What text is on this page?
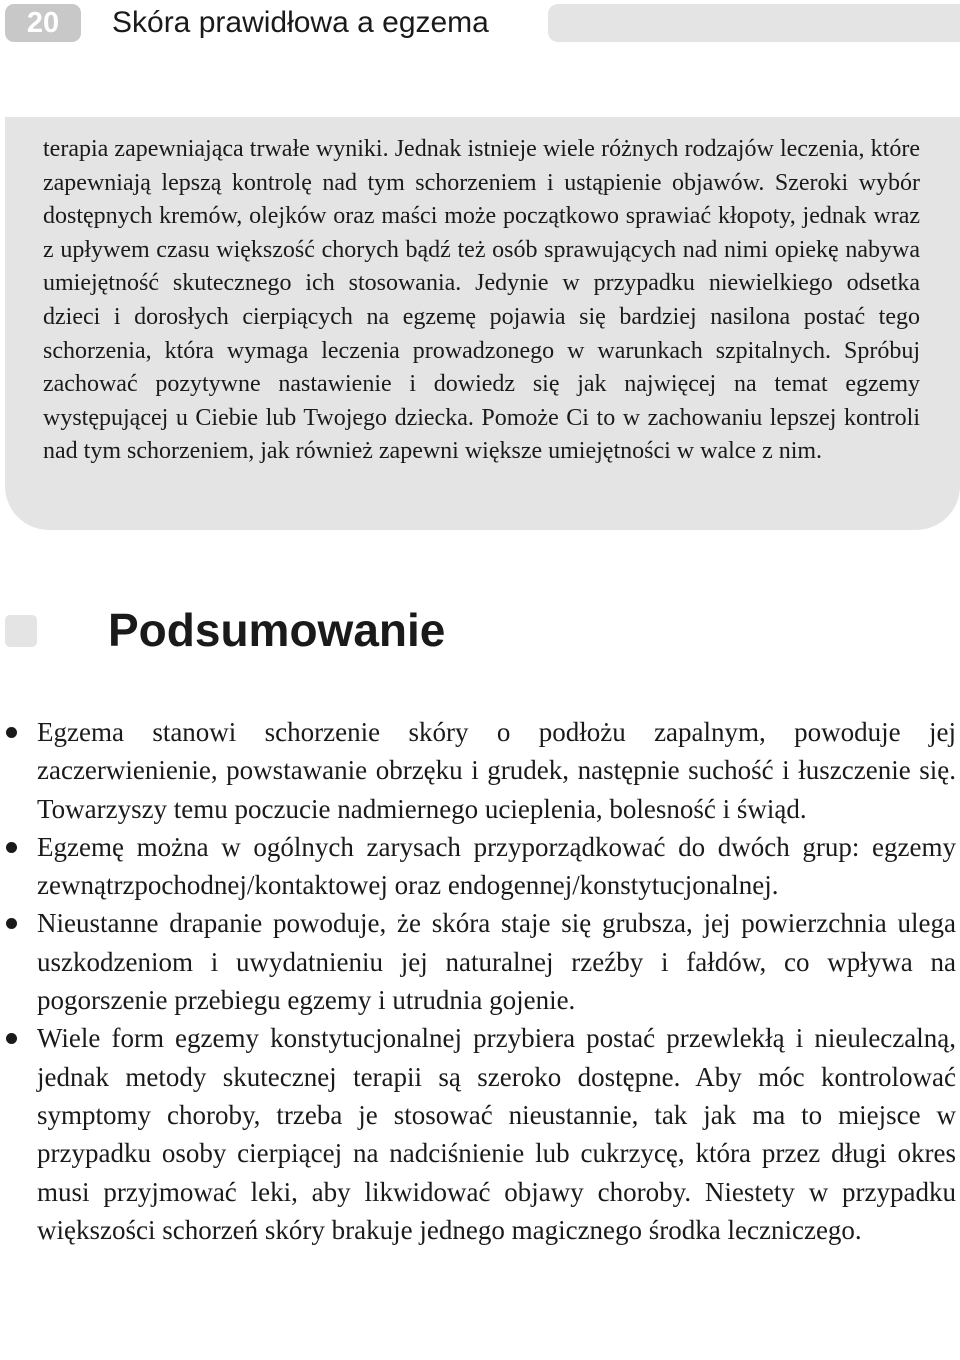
20	Skóra prawidłowa a egzema

terapia zapewniająca trwałe wyniki. Jednak istnieje wiele różnych rodzajów leczenia, które zapewniają lepszą kontrolę nad tym schorzeniem i ustąpienie objawów. Szeroki wybór dostępnych kremów, olejków oraz maści może początkowo sprawiać kłopoty, jednak wraz z upływem czasu większość chorych bądź też osób sprawujących nad nimi opiekę nabywa umiejętność skutecznego ich stosowania. Jedynie w przypadku niewielkiego odsetka dzieci i dorosłych cierpiących na egzemę pojawia się bardziej nasilona postać tego schorzenia, która wymaga leczenia prowadzonego w warunkach szpitalnych. Spróbuj zachować pozytywne nastawienie i dowiedz się jak najwięcej na temat egzemy występującej u Ciebie lub Twojego dziecka. Pomoże Ci to w zachowaniu lepszej kontroli nad tym schorzeniem, jak również zapewni większe umiejętności w walce z nim.

Podsumowanie
Egzema stanowi schorzenie skóry o podłożu zapalnym, powoduje jej zaczerwienienie, powstawanie obrzęku i grudek, następnie suchość i łuszczenie się. Towarzyszy temu poczucie nadmiernego ucieplenia, bolesność i świąd.
Egzemę można w ogólnych zarysach przyporządkować do dwóch grup: egzemy zewnątrzpochodnej/kontaktowej oraz endogennej/konstytucjonalnej.
Nieustanne drapanie powoduje, że skóra staje się grubsza, jej powierzchnia ulega uszkodzeniom i uwydatnieniu jej naturalnej rzeźby i fałdów, co wpływa na pogorszenie przebiegu egzemy i utrudnia gojenie.
Wiele form egzemy konstytucjonalnej przybiera postać przewlekłą i nieuleczalną, jednak metody skutecznej terapii są szeroko dostępne. Aby móc kontrolować symptomy choroby, trzeba je stosować nieustannie, tak jak ma to miejsce w przypadku osoby cierpiącej na nadciśnienie lub cukrzycę, która przez długi okres musi przyjmować leki, aby likwidować objawy choroby. Niestety w przypadku większości schorzeń skóry brakuje jednego magicznego środka leczniczego.
